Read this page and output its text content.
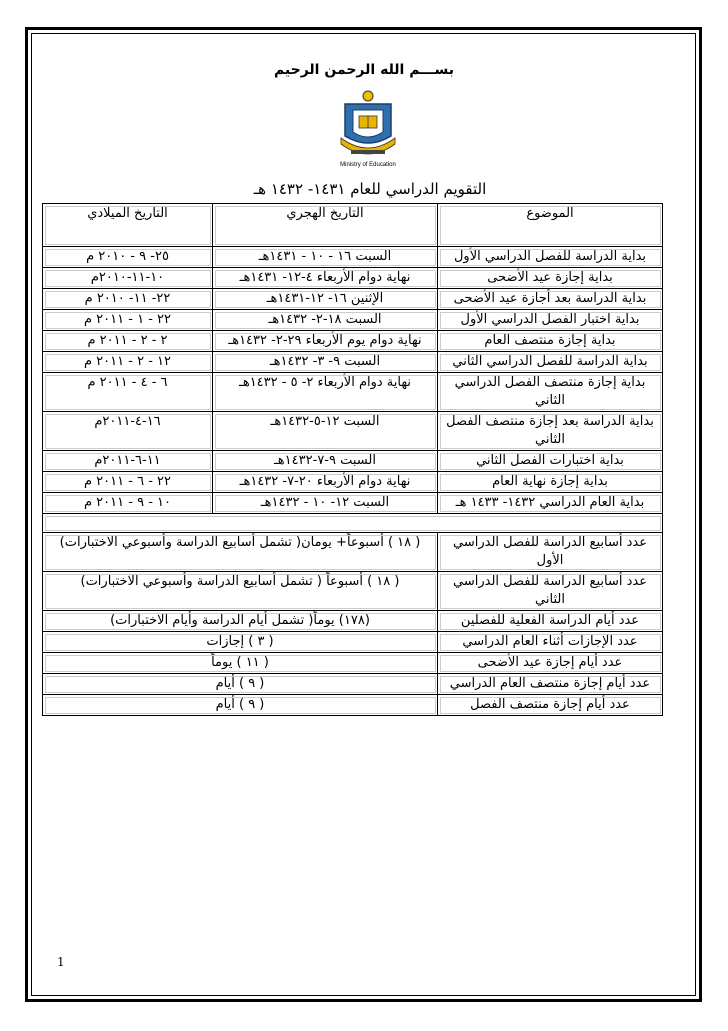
بســـم الله الرحمن الرحيم
Ministry of Education
التقويم الدراسي للعام ١٤٣١- ١٤٣٢ هـ
الموضوع	التاريخ الهجري	التاريخ الميلادي
بداية الدراسة للفصل الدراسي الأول	السبت ١٦ - ١٠ - ١٤٣١هـ	٢٥- ٩ - ٢٠١٠ م
بداية إجازة عيد الأضحى	نهاية دوام الأربعاء ٤-١٢- ١٤٣١هـ	١٠-١١-٢٠١٠م
بداية الدراسة بعد أجازة عيد الأضحى	الإثنين ١٦- ١٢-١٤٣١هـ	٢٢- ١١- ٢٠١٠ م
بداية اختبار الفصل الدراسي الأول	السبت ١٨-٢- ١٤٣٢هـ	٢٢ - ١ - ٢٠١١ م
بداية إجازة منتصف العام	نهاية دوام يوم الأربعاء ٢٩-٢- ١٤٣٢هـ	٢ - ٢ - ٢٠١١ م
بداية الدراسة للفصل الدراسي الثاني	السبت ٩- ٣- ١٤٣٢هـ	١٢ - ٢ - ٢٠١١ م
بداية إجازة منتصف الفصل الدراسي الثاني	نهاية دوام الأربعاء ٢- ٥ - ١٤٣٢هـ	٦ - ٤ - ٢٠١١ م
بداية الدراسة بعد إجازة منتصف الفصل الثاني	السبت ١٢-٥-١٤٣٢هـ	١٦-٤-٢٠١١م
بداية اختبارات الفصل الثاني	السبت ٩-٧-١٤٣٢هـ	١١-٦-٢٠١١م
بداية إجازة نهاية العام	نهاية دوام الأربعاء ٢٠-٧- ١٤٣٢هـ	٢٢ - ٦ - ٢٠١١ م
بداية العام الدراسي ١٤٣٢- ١٤٣٣ هـ	السبت ١٢- ١٠ - ١٤٣٢هـ	١٠ - ٩ - ٢٠١١ م

عدد أسابيع الدراسة للفصل الدراسي الأول	( ١٨ ) أسبوعاً+ يومان( تشمل أسابيع الدراسة وأسبوعي الاختبارات)	
عدد أسابيع الدراسة للفصل الدراسي الثاني	( ١٨ ) أسبوعاً ( تشمل أسابيع الدراسة وأسبوعي الاختبارات)	
عدد أيام الدراسة الفعلية للفصلين	(١٧٨) يوماً( تشمل أيام الدراسة وأيام الاختبارات)	
عدد الإجازات أثناء العام الدراسي	( ٣ ) إجازات	
عدد أيام إجازة عيد الأضحى	( ١١ ) يوماً	
عدد أيام إجازة منتصف العام الدراسي	( ٩ ) أيام	
عدد أيام إجازة منتصف الفصل	( ٩ ) أيام	
1
